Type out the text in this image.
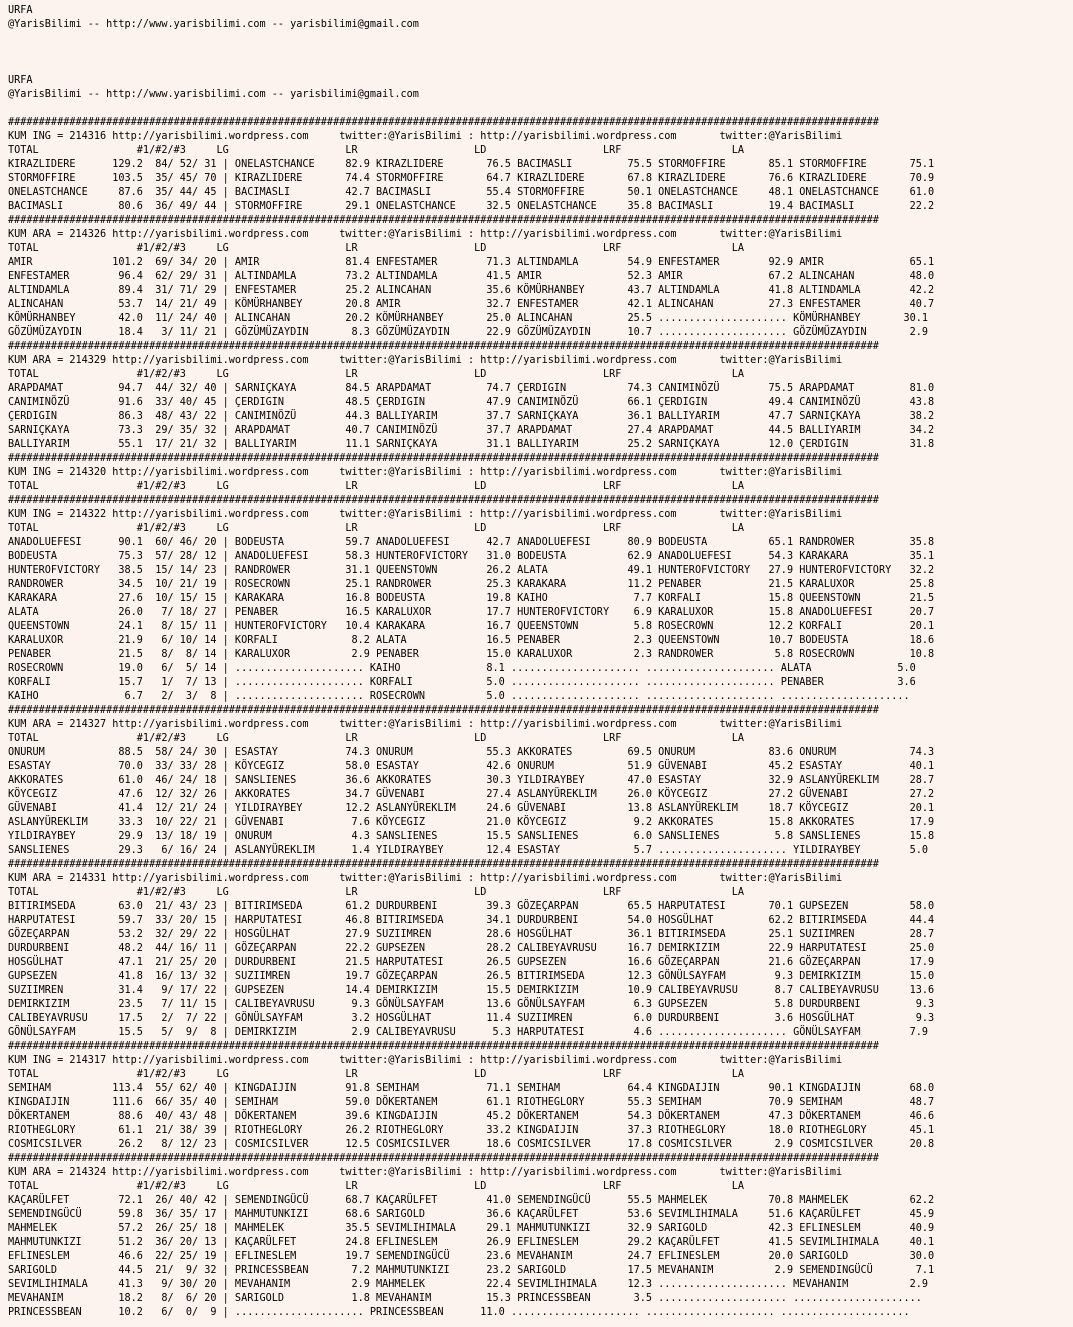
URFA
@YarisBilimi -- http://www.yarisbilimi.com -- yarisbilimi@gmail.com
URFA
@YarisBilimi -- http://www.yarisbilimi.com -- yarisbilimi@gmail.com
##############################################################################################################################################
KUM ING = 214316 http://yarisbilimi.wordpress.com     twitter:@YarisBilimi : http://yarisbilimi.wordpress.com       twitter:@YarisBilimi
TOTAL                #1/#2/#3     LG                   LR                   LD                   LRF                  LA
KIRAZLIDERE      129.2  84/ 52/ 31 | ONELASTCHANCE     82.9 KIRAZLIDERE       76.5 BACIMASLI         75.5 STORMOFFIRE       85.1 STORMOFFIRE       75.1
STORMOFFIRE      103.5  35/ 45/ 70 | KIRAZLIDERE       74.4 STORMOFFIRE       64.7 KIRAZLIDERE       67.8 KIRAZLIDERE       76.6 KIRAZLIDERE       70.9
ONELASTCHANCE     87.6  35/ 44/ 45 | BACIMASLI         42.7 BACIMASLI         55.4 STORMOFFIRE       50.1 ONELASTCHANCE     48.1 ONELASTCHANCE     61.0
BACIMASLI         80.6  36/ 49/ 44 | STORMOFFIRE       29.1 ONELASTCHANCE     32.5 ONELASTCHANCE     35.8 BACIMASLI         19.4 BACIMASLI         22.2
##############################################################################################################################################
KUM ARA = 214326 http://yarisbilimi.wordpress.com     twitter:@YarisBilimi : http://yarisbilimi.wordpress.com       twitter:@YarisBilimi
TOTAL                #1/#2/#3     LG                   LR                   LD                   LRF                  LA
AMIR             101.2  69/ 34/ 20 | AMIR              81.4 ENFESTAMER        71.3 ALTINDAMLA        54.9 ENFESTAMER        92.9 AMIR              65.1
ENFESTAMER        96.4  62/ 29/ 31 | ALTINDAMLA        73.2 ALTINDAMLA        41.5 AMIR              52.3 AMIR              67.2 ALINCAHAN         48.0
ALTINDAMLA        89.4  31/ 71/ 29 | ENFESTAMER        25.2 ALINCAHAN         35.6 KÖMÜRHANBEY       43.7 ALTINDAMLA        41.8 ALTINDAMLA        42.2
ALINCAHAN         53.7  14/ 21/ 49 | KÖMÜRHANBEY       20.8 AMIR              32.7 ENFESTAMER        42.1 ALINCAHAN         27.3 ENFESTAMER        40.7
KÖMÜRHANBEY       42.0  11/ 24/ 40 | ALINCAHAN         20.2 KÖMÜRHANBEY       25.0 ALINCAHAN         25.5 ..................... KÖMÜRHANBEY       30.1
GÖZÜMÜZAYDIN      18.4   3/ 11/ 21 | GÖZÜMÜZAYDIN       8.3 GÖZÜMÜZAYDIN      22.9 GÖZÜMÜZAYDIN      10.7 ..................... GÖZÜMÜZAYDIN       2.9
##############################################################################################################################################
KUM ARA = 214329 http://yarisbilimi.wordpress.com     twitter:@YarisBilimi : http://yarisbilimi.wordpress.com       twitter:@YarisBilimi
TOTAL                #1/#2/#3     LG                   LR                   LD                   LRF                  LA
ARAPDAMAT         94.7  44/ 32/ 40 | SARNIÇKAYA        84.5 ARAPDAMAT         74.7 ÇERDIGIN          74.3 CANIMINÖZÜ        75.5 ARAPDAMAT         81.0
CANIMINÖZÜ        91.6  33/ 40/ 45 | ÇERDIGIN          48.5 ÇERDIGIN          47.9 CANIMINÖZÜ        66.1 ÇERDIGIN          49.4 CANIMINÖZÜ        43.8
ÇERDIGIN          86.3  48/ 43/ 22 | CANIMINÖZÜ        44.3 BALLIYARIM        37.7 SARNIÇKAYA        36.1 BALLIYARIM        47.7 SARNIÇKAYA        38.2
SARNIÇKAYA        73.3  29/ 35/ 32 | ARAPDAMAT         40.7 CANIMINÖZÜ        37.7 ARAPDAMAT         27.4 ARAPDAMAT         44.5 BALLIYARIM        34.2
BALLIYARIM        55.1  17/ 21/ 32 | BALLIYARIM        11.1 SARNIÇKAYA        31.1 BALLIYARIM        25.2 SARNIÇKAYA        12.0 ÇERDIGIN          31.8
##############################################################################################################################################
KUM ING = 214320 http://yarisbilimi.wordpress.com     twitter:@YarisBilimi : http://yarisbilimi.wordpress.com       twitter:@YarisBilimi
TOTAL                #1/#2/#3     LG                   LR                   LD                   LRF                  LA
##############################################################################################################################################
KUM ING = 214322 http://yarisbilimi.wordpress.com     twitter:@YarisBilimi : http://yarisbilimi.wordpress.com       twitter:@YarisBilimi
TOTAL                #1/#2/#3     LG                   LR                   LD                   LRF                  LA
ANADOLUEFESI      90.1  60/ 46/ 20 | BODEUSTA          59.7 ANADOLUEFESI      42.7 ANADOLUEFESI      80.9 BODEUSTA          65.1 RANDROWER         35.8
BODEUSTA          75.3  57/ 28/ 12 | ANADOLUEFESI      58.3 HUNTEROFVICTORY   31.0 BODEUSTA          62.9 ANADOLUEFESI      54.3 KARAKARA          35.1
HUNTEROFVICTORY   38.5  15/ 14/ 23 | RANDROWER         31.1 QUEENSTOWN        26.2 ALATA             49.1 HUNTEROFVICTORY   27.9 HUNTEROFVICTORY   32.2
RANDROWER         34.5  10/ 21/ 19 | ROSECROWN         25.1 RANDROWER         25.3 KARAKARA          11.2 PENABER           21.5 KARALUXOR         25.8
KARAKARA          27.6  10/ 15/ 15 | KARAKARA          16.8 BODEUSTA          19.8 KAIHO              7.7 KORFALI           15.8 QUEENSTOWN        21.5
ALATA             26.0   7/ 18/ 27 | PENABER           16.5 KARALUXOR         17.7 HUNTEROFVICTORY    6.9 KARALUXOR         15.8 ANADOLUEFESI      20.7
QUEENSTOWN        24.1   8/ 15/ 11 | HUNTEROFVICTORY   10.4 KARAKARA          16.7 QUEENSTOWN         5.8 ROSECROWN         12.2 KORFALI           20.1
KARALUXOR         21.9   6/ 10/ 14 | KORFALI            8.2 ALATA             16.5 PENABER            2.3 QUEENSTOWN        10.7 BODEUSTA          18.6
PENABER           21.5   8/  8/ 14 | KARALUXOR          2.9 PENABER           15.0 KARALUXOR          2.3 RANDROWER          5.8 ROSECROWN         10.8
ROSECROWN         19.0   6/  5/ 14 | ..................... KAIHO              8.1 ..................... ..................... ALATA              5.0
KORFALI           15.7   1/  7/ 13 | ..................... KORFALI            5.0 ..................... ..................... PENABER            3.6
KAIHO              6.7   2/  3/  8 | ..................... ROSECROWN          5.0 ..................... ..................... .....................
##############################################################################################################################################
KUM ARA = 214327 http://yarisbilimi.wordpress.com     twitter:@YarisBilimi : http://yarisbilimi.wordpress.com       twitter:@YarisBilimi
TOTAL                #1/#2/#3     LG                   LR                   LD                   LRF                  LA
ONURUM            88.5  58/ 24/ 30 | ESASTAY           74.3 ONURUM            55.3 AKKORATES         69.5 ONURUM            83.6 ONURUM            74.3
ESASTAY           70.0  33/ 33/ 28 | KÖYCEGIZ          58.0 ESASTAY           42.6 ONURUM            51.9 GÜVENABI          45.2 ESASTAY           40.1
AKKORATES         61.0  46/ 24/ 18 | SANSLIENES        36.6 AKKORATES         30.3 YILDIRAYBEY       47.0 ESASTAY           32.9 ASLANYÜREKLIM     28.7
KÖYCEGIZ          47.6  12/ 32/ 26 | AKKORATES         34.7 GÜVENABI          27.4 ASLANYÜREKLIM     26.0 KÖYCEGIZ          27.2 GÜVENABI          27.2
GÜVENABI          41.4  12/ 21/ 24 | YILDIRAYBEY       12.2 ASLANYÜREKLIM     24.6 GÜVENABI          13.8 ASLANYÜREKLIM     18.7 KÖYCEGIZ          20.1
ASLANYÜREKLIM     33.3  10/ 22/ 21 | GÜVENABI           7.6 KÖYCEGIZ          21.0 KÖYCEGIZ           9.2 AKKORATES         15.8 AKKORATES         17.9
YILDIRAYBEY       29.9  13/ 18/ 19 | ONURUM             4.3 SANSLIENES        15.5 SANSLIENES         6.0 SANSLIENES         5.8 SANSLIENES        15.8
SANSLIENES        29.3   6/ 16/ 24 | ASLANYÜREKLIM      1.4 YILDIRAYBEY       12.4 ESASTAY            5.7 ..................... YILDIRAYBEY        5.0
##############################################################################################################################################
KUM ARA = 214331 http://yarisbilimi.wordpress.com     twitter:@YarisBilimi : http://yarisbilimi.wordpress.com       twitter:@YarisBilimi
TOTAL                #1/#2/#3     LG                   LR                   LD                   LRF                  LA
BITIRIMSEDA       63.0  21/ 43/ 23 | BITIRIMSEDA       61.2 DURDURBENI        39.3 GÖZEÇARPAN        65.5 HARPUTATESI       70.1 GUPSEZEN          58.0
HARPUTATESI       59.7  33/ 20/ 15 | HARPUTATESI       46.8 BITIRIMSEDA       34.1 DURDURBENI        54.0 HOSGÜLHAT         62.2 BITIRIMSEDA       44.4
GÖZEÇARPAN        53.2  32/ 29/ 22 | HOSGÜLHAT         27.9 SUZIIMREN         28.6 HOSGÜLHAT         36.1 BITIRIMSEDA       25.1 SUZIIMREN         28.7
DURDURBENI        48.2  44/ 16/ 11 | GÖZEÇARPAN        22.2 GUPSEZEN          28.2 CALIBEYAVRUSU     16.7 DEMIRKIZIM        22.9 HARPUTATESI       25.0
HOSGÜLHAT         47.1  21/ 25/ 20 | DURDURBENI        21.5 HARPUTATESI       26.5 GUPSEZEN          16.6 GÖZEÇARPAN        21.6 GÖZEÇARPAN        17.9
GUPSEZEN          41.8  16/ 13/ 32 | SUZIIMREN         19.7 GÖZEÇARPAN        26.5 BITIRIMSEDA       12.3 GÖNÜLSAYFAM        9.3 DEMIRKIZIM        15.0
SUZIIMREN         31.4   9/ 17/ 22 | GUPSEZEN          14.4 DEMIRKIZIM        15.5 DEMIRKIZIM        10.9 CALIBEYAVRUSU      8.7 CALIBEYAVRUSU     13.6
DEMIRKIZIM        23.5   7/ 11/ 15 | CALIBEYAVRUSU      9.3 GÖNÜLSAYFAM       13.6 GÖNÜLSAYFAM        6.3 GUPSEZEN           5.8 DURDURBENI         9.3
CALIBEYAVRUSU     17.5   2/  7/ 22 | GÖNÜLSAYFAM        3.2 HOSGÜLHAT         11.4 SUZIIMREN          6.0 DURDURBENI         3.6 HOSGÜLHAT          9.3
GÖNÜLSAYFAM       15.5   5/  9/  8 | DEMIRKIZIM         2.9 CALIBEYAVRUSU      5.3 HARPUTATESI        4.6 ..................... GÖNÜLSAYFAM        7.9
##############################################################################################################################################
KUM ING = 214317 http://yarisbilimi.wordpress.com     twitter:@YarisBilimi : http://yarisbilimi.wordpress.com       twitter:@YarisBilimi
TOTAL                #1/#2/#3     LG                   LR                   LD                   LRF                  LA
SEMIHAM          113.4  55/ 62/ 40 | KINGDAIJIN        91.8 SEMIHAM           71.1 SEMIHAM           64.4 KINGDAIJIN        90.1 KINGDAIJIN        68.0
KINGDAIJIN       111.6  66/ 35/ 40 | SEMIHAM           59.0 DÖKERTANEM        61.1 RIOTHEGLORY       55.3 SEMIHAM           70.9 SEMIHAM           48.7
DÖKERTANEM        88.6  40/ 43/ 48 | DÖKERTANEM        39.6 KINGDAIJIN        45.2 DÖKERTANEM        54.3 DÖKERTANEM        47.3 DÖKERTANEM        46.6
RIOTHEGLORY       61.1  21/ 38/ 39 | RIOTHEGLORY       26.2 RIOTHEGLORY       33.2 KINGDAIJIN        37.3 RIOTHEGLORY       18.0 RIOTHEGLORY       45.1
COSMICSILVER      26.2   8/ 12/ 23 | COSMICSILVER      12.5 COSMICSILVER      18.6 COSMICSILVER      17.8 COSMICSILVER       2.9 COSMICSILVER      20.8
##############################################################################################################################################
KUM ARA = 214324 http://yarisbilimi.wordpress.com     twitter:@YarisBilimi : http://yarisbilimi.wordpress.com       twitter:@YarisBilimi
TOTAL                #1/#2/#3     LG                   LR                   LD                   LRF                  LA
KAÇARÜLFET        72.1  26/ 40/ 42 | SEMENDINGÜCÜ      68.7 KAÇARÜLFET        41.0 SEMENDINGÜCÜ      55.5 MAHMELEK          70.8 MAHMELEK          62.2
SEMENDINGÜCÜ      59.8  36/ 35/ 17 | MAHMUTUNKIZI      68.6 SARIGOLD          36.6 KAÇARÜLFET        53.6 SEVIMLIHIMALA     51.6 KAÇARÜLFET        45.9
MAHMELEK          57.2  26/ 25/ 18 | MAHMELEK          35.5 SEVIMLIHIMALA     29.1 MAHMUTUNKIZI      32.9 SARIGOLD          42.3 EFLINESLEM        40.9
MAHMUTUNKIZI      51.2  36/ 20/ 13 | KAÇARÜLFET        24.8 EFLINESLEM        26.9 EFLINESLEM        29.2 KAÇARÜLFET        41.5 SEVIMLIHIMALA     40.1
EFLINESLEM        46.6  22/ 25/ 19 | EFLINESLEM        19.7 SEMENDINGÜCÜ      23.6 MEVAHANIM         24.7 EFLINESLEM        20.0 SARIGOLD          30.0
SARIGOLD          44.5  21/  9/ 32 | PRINCESSBEAN       7.2 MAHMUTUNKIZI      23.2 SARIGOLD          17.5 MEVAHANIM          2.9 SEMENDINGÜCÜ       7.1
SEVIMLIHIMALA     41.3   9/ 30/ 20 | MEVAHANIM          2.9 MAHMELEK          22.4 SEVIMLIHIMALA     12.3 ..................... MEVAHANIM          2.9
MEVAHANIM         18.2   8/  6/ 20 | SARIGOLD           1.8 MEVAHANIM         15.3 PRINCESSBEAN       3.5 ..................... .....................
PRINCESSBEAN      10.2   6/  0/  9 | ..................... PRINCESSBEAN      11.0 ..................... ..................... .....................
